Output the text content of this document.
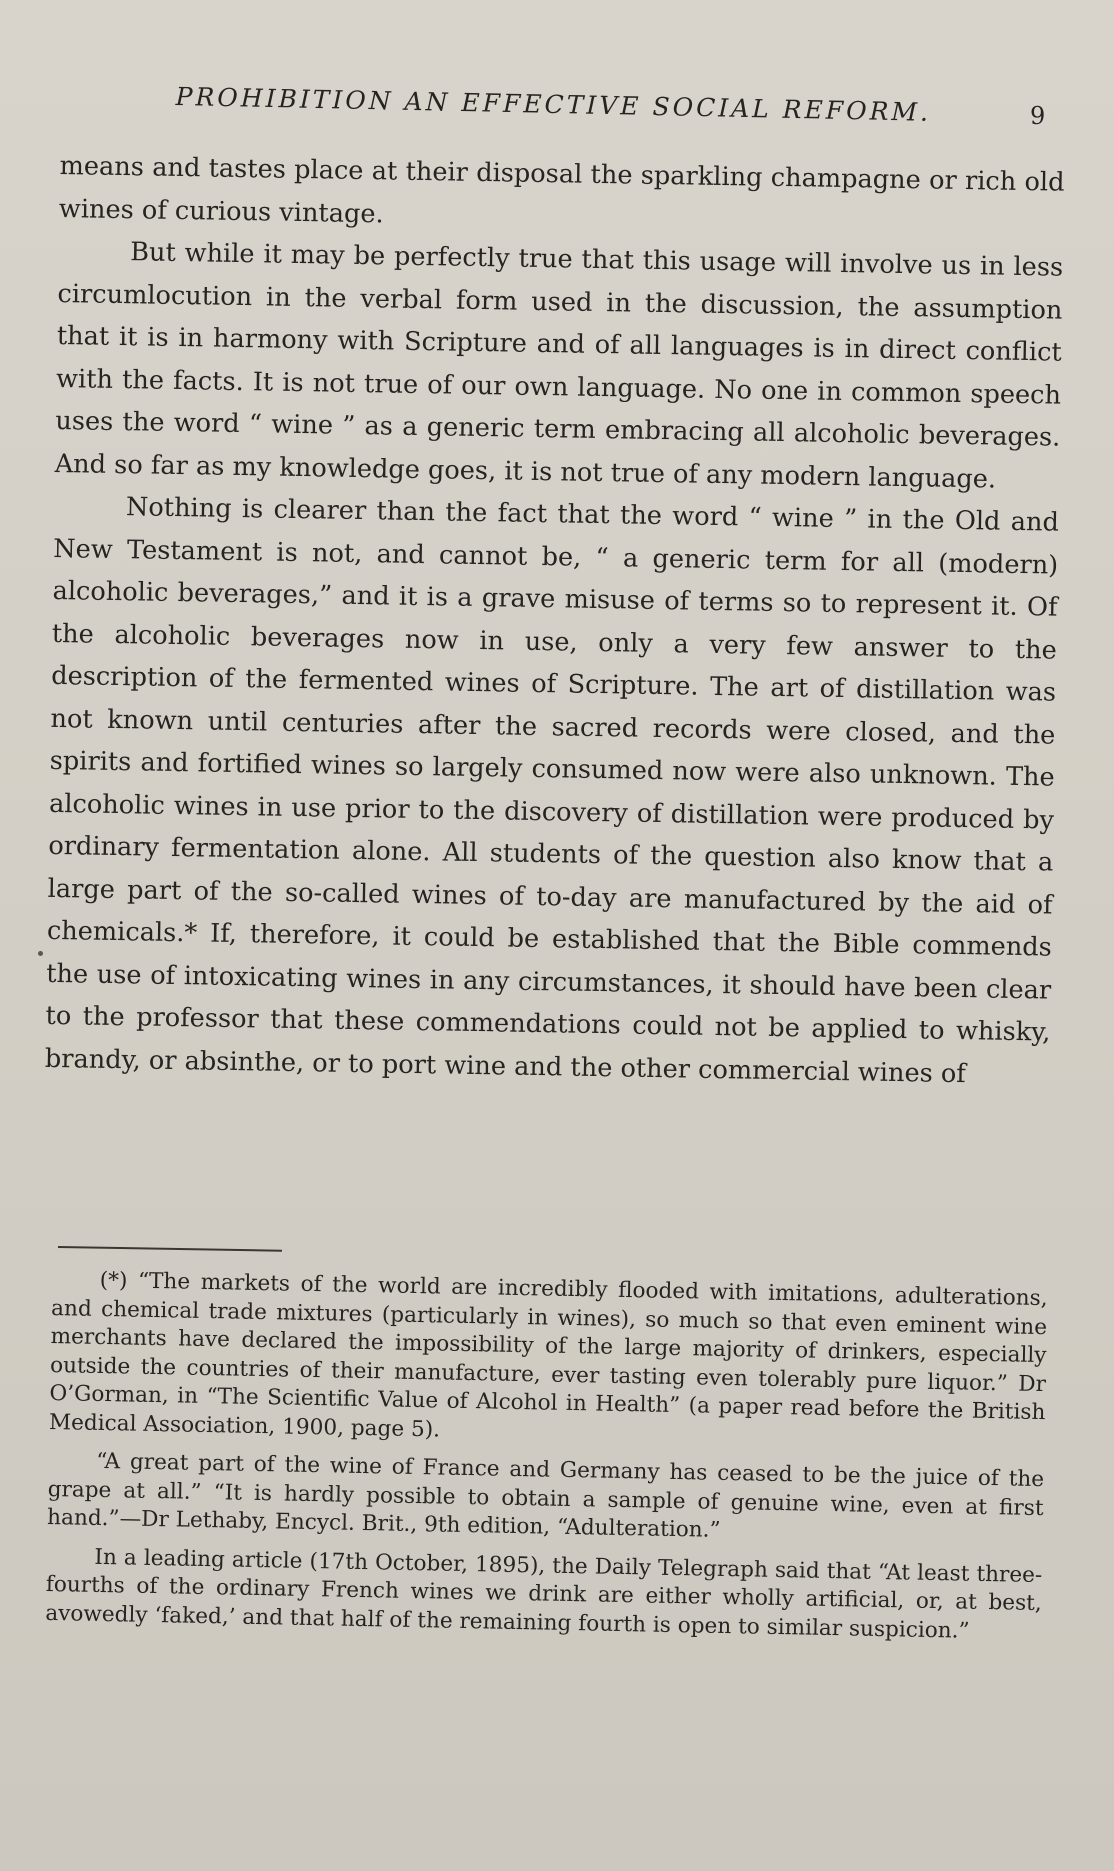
PROHIBITION AN EFFECTIVE SOCIAL REFORM.	9

means and tastes place at their disposal the sparkling champagne or rich old wines of curious vintage.

But while it may be perfectly true that this usage will involve us in less circumlocution in the verbal form used in the discussion, the assumption that it is in harmony with Scripture and of all languages is in direct conflict with the facts. It is not true of our own language. No one in common speech uses the word “ wine ” as a generic term embracing all alcoholic beverages. And so far as my knowledge goes, it is not true of any modern language.

Nothing is clearer than the fact that the word “ wine ” in the Old and New Testament is not, and cannot be, “ a generic term for all (modern) alcoholic beverages,” and it is a grave misuse of terms so to represent it. Of the alcoholic beverages now in use, only a very few answer to the description of the fermented wines of Scripture. The art of distillation was not known until centuries after the sacred records were closed, and the spirits and fortified wines so largely consumed now were also unknown. The alcoholic wines in use prior to the discovery of distillation were produced by ordinary fermentation alone. All students of the question also know that a large part of the so-called wines of to-day are manufactured by the aid of chemicals.* If, therefore, it could be established that the Bible commends the use of intoxicating wines in any circumstances, it should have been clear to the professor that these commendations could not be applied to whisky, brandy, or absinthe, or to port wine and the other commercial wines of

(*) “The markets of the world are incredibly flooded with imitations, adulterations, and chemical trade mixtures (particularly in wines), so much so that even eminent wine merchants have declared the impossibility of the large majority of drinkers, especially outside the countries of their manufacture, ever tasting even tolerably pure liquor.” Dr O’Gorman, in “The Scientific Value of Alcohol in Health” (a paper read before the British Medical Association, 1900, page 5).

“A great part of the wine of France and Germany has ceased to be the juice of the grape at all.” “It is hardly possible to obtain a sample of genuine wine, even at first hand.”—Dr Lethaby, Encycl. Brit., 9th edition, “Adulteration.”

In a leading article (17th October, 1895), the Daily Telegraph said that “At least three-fourths of the ordinary French wines we drink are either wholly artificial, or, at best, avowedly ‘faked,’ and that half of the remaining fourth is open to similar suspicion.”
